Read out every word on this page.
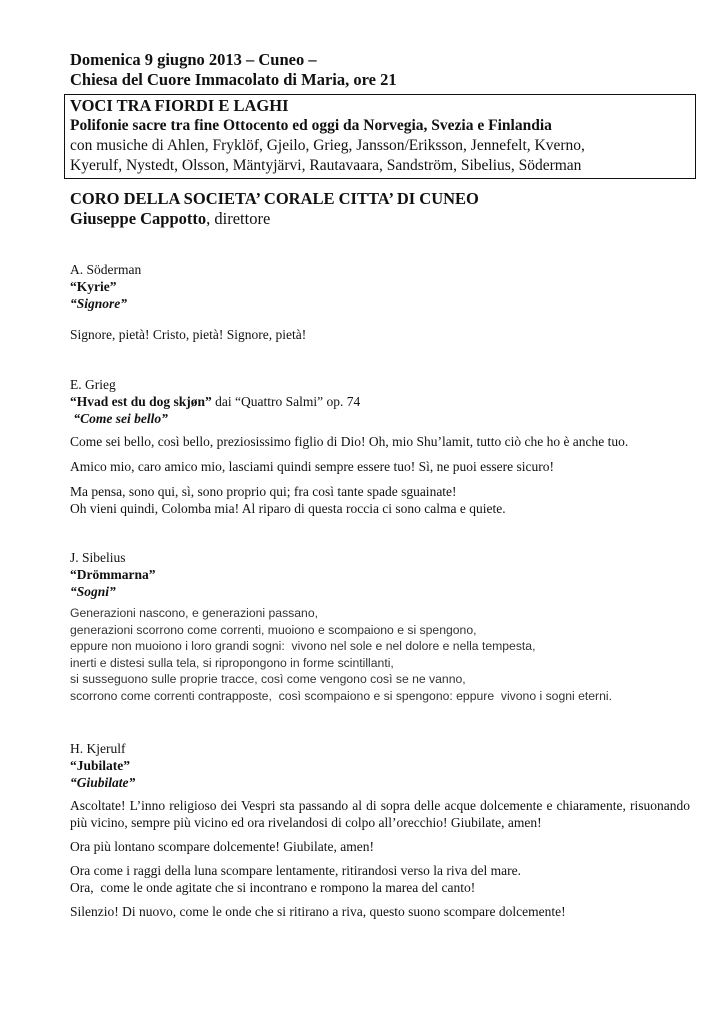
Domenica 9 giugno 2013 – Cuneo –
Chiesa del Cuore Immacolato di Maria, ore 21
VOCI TRA FIORDI E LAGHI
Polifonie sacre tra fine Ottocento ed oggi da Norvegia, Svezia e Finlandia
con musiche di Ahlen, Fryklöf, Gjeilo, Grieg, Jansson/Eriksson, Jennefelt, Kverno,
Kyerulf, Nystedt, Olsson, Mäntyjärvi, Rautavaara, Sandström, Sibelius, Söderman
CORO DELLA SOCIETA’ CORALE CITTA’ DI CUNEO
Giuseppe Cappotto, direttore
A. Söderman
“Kyrie”
“Signore”

Signore, pietà! Cristo, pietà! Signore, pietà!

E. Grieg
“Hvad est du dog skjøn” dai “Quattro Salmi” op. 74
“Come sei bello”

Come sei bello, così bello, preziosissimo figlio di Dio! Oh, mio Shu’lamit, tutto ciò che ho è anche tuo.

Amico mio, caro amico mio, lasciami quindi sempre essere tuo! Sì, ne puoi essere sicuro!

Ma pensa, sono qui, sì, sono proprio qui; fra così tante spade sguainate!

Oh vieni quindi, Colomba mia! Al riparo di questa roccia ci sono calma e quiete.

J. Sibelius
“Drömmarna”
“Sogni”

Generazioni nascono, e generazioni passano,

generazioni scorrono come correnti, muoiono e scompaiono e si spengono,

eppure non muoiono i loro grandi sogni:  vivono nel sole e nel dolore e nella tempesta,

inerti e distesi sulla tela, si ripropongono in forme scintillanti,

si susseguono sulle proprie tracce, così come vengono così se ne vanno,

scorrono come correnti contrapposte,  così scompaiono e si spengono: eppure  vivono i sogni eterni.

H. Kjerulf
“Jubilate”
“Giubilate”

Ascoltate! L’inno religioso dei Vespri sta passando al di sopra delle acque dolcemente e chiaramente, risuonando più vicino, sempre più vicino ed ora rivelandosi di colpo all’orecchio! Giubilate, amen!

Ora più lontano scompare dolcemente! Giubilate, amen!

Ora come i raggi della luna scompare lentamente, ritirandosi verso la riva del mare.

Ora,  come le onde agitate che si incontrano e rompono la marea del canto!

Silenzio! Di nuovo, come le onde che si ritirano a riva, questo suono scompare dolcemente!
